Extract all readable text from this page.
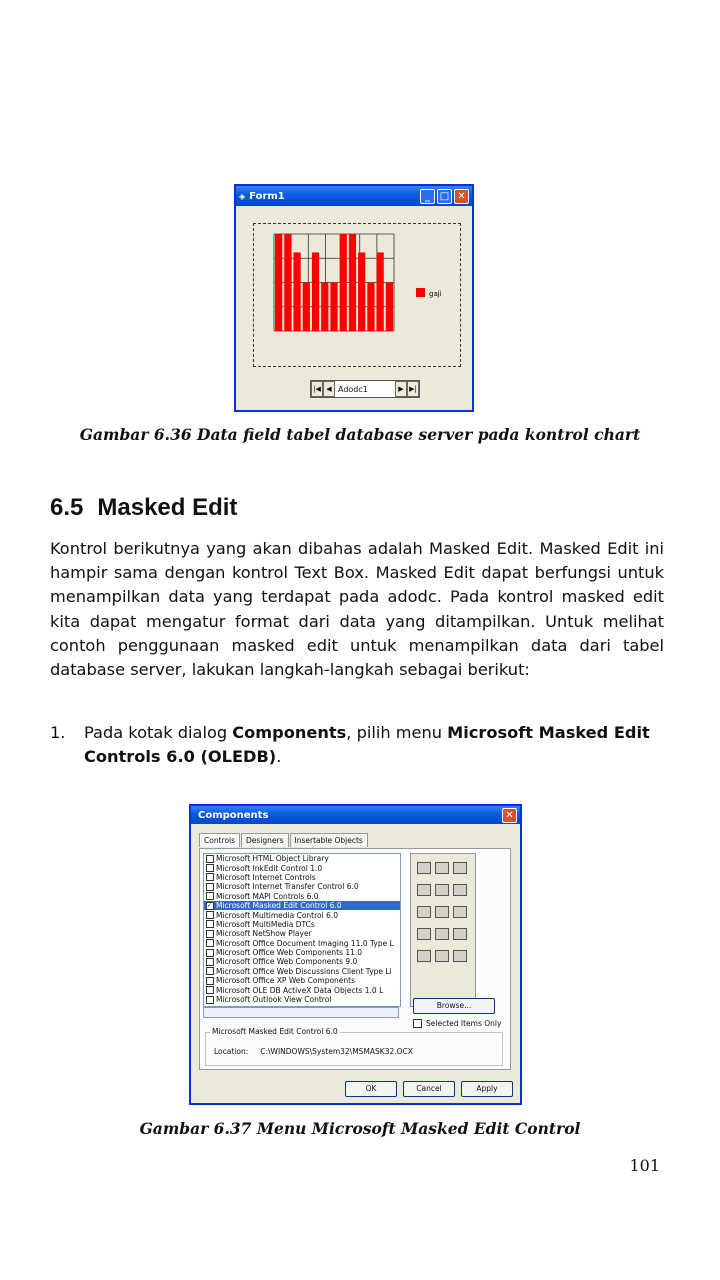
◈ Form1	_ □ ✕
gaji
|◀ ◀ Adodc1	▶ ▶|
Gambar 6.36 Data field tabel database server pada kontrol chart
6.5 Masked Edit

Kontrol berikutnya yang akan dibahas adalah Masked Edit. Masked Edit ini hampir sama dengan kontrol Text Box. Masked Edit dapat berfungsi untuk menampilkan data yang terdapat pada adodc. Pada kontrol masked edit kita dapat mengatur format dari data yang ditampilkan. Untuk melihat contoh penggunaan masked edit untuk menampilkan data dari tabel database server, lakukan langkah-langkah sebagai berikut:

1.	Pada kotak dialog Components, pilih menu Microsoft Masked Edit Controls 6.0 (OLEDB).
Components	✕
Controls	Designers	Insertable Objects
Microsoft HTML Object Library
Microsoft InkEdit Control 1.0
Microsoft Internet Controls
Microsoft Internet Transfer Control 6.0
Microsoft MAPI Controls 6.0
✓ Microsoft Masked Edit Control 6.0
Microsoft Multimedia Control 6.0
Microsoft MultiMedia DTCs
Microsoft NetShow Player
Microsoft Office Document Imaging 11.0 Type L
Microsoft Office Web Components 11.0
Microsoft Office Web Components 9.0
Microsoft Office Web Discussions Client Type Li
Microsoft Office XP Web Components
Microsoft OLE DB ActiveX Data Objects 1.0 L
Microsoft Outlook View Control
Browse...
Selected Items Only
Microsoft Masked Edit Control 6.0
Location: C:\WINDOWS\System32\MSMASK32.OCX
OK	Cancel	Apply
Gambar 6.37 Menu Microsoft Masked Edit Control
101
